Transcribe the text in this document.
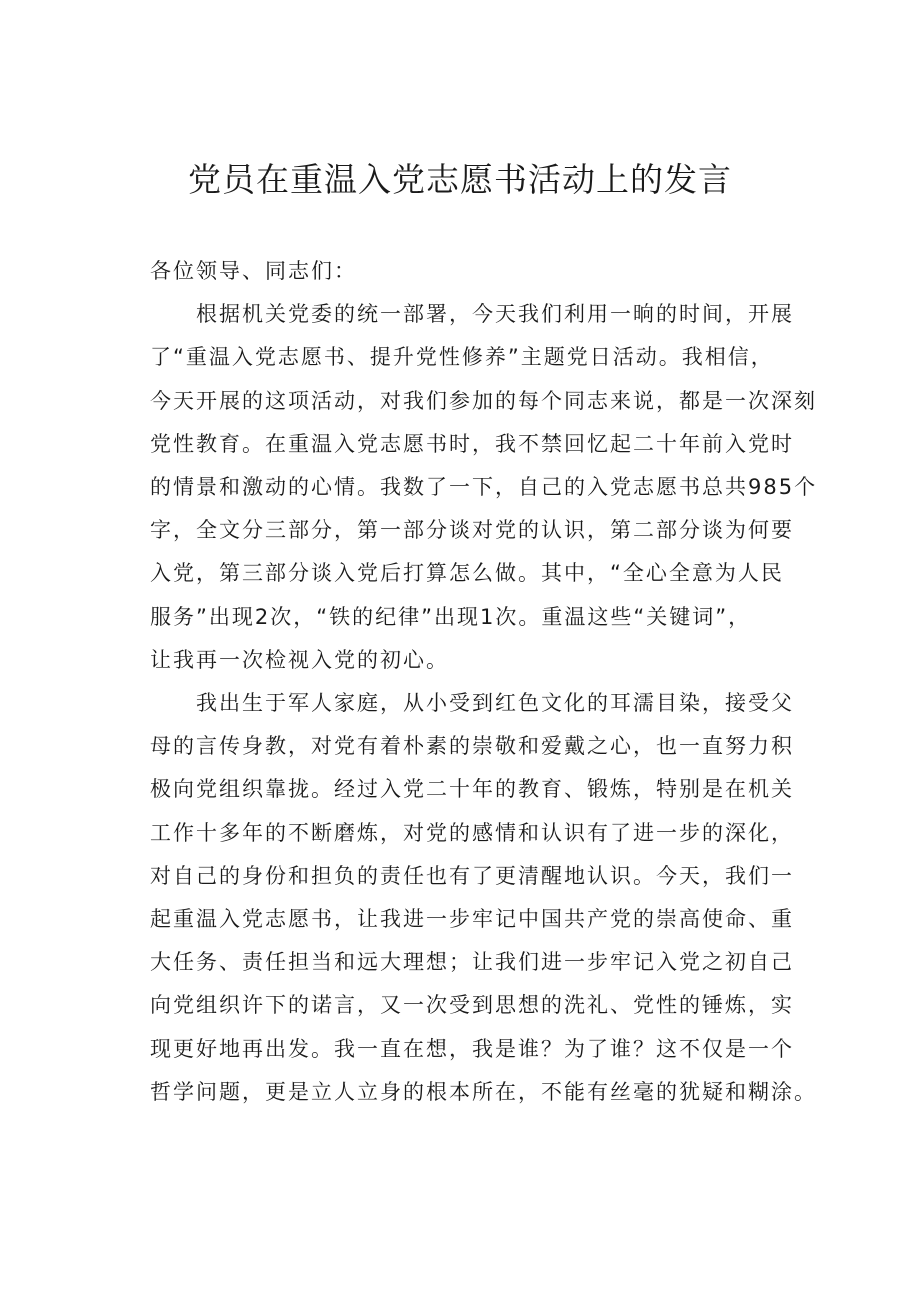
党员在重温入党志愿书活动上的发言

各位领导、同志们：

根据机关党委的统一部署，今天我们利用一晌的时间，开展
了“重温入党志愿书、提升党性修养”主题党日活动。我相信，
今天开展的这项活动，对我们参加的每个同志来说，都是一次深刻
党性教育。在重温入党志愿书时，我不禁回忆起二十年前入党时
的情景和激动的心情。我数了一下，自己的入党志愿书总共985个
字，全文分三部分，第一部分谈对党的认识，第二部分谈为何要
入党，第三部分谈入党后打算怎么做。其中，“全心全意为人民
服务”出现2次，“铁的纪律”出现1次。重温这些“关键词”，
让我再一次检视入党的初心。

我出生于军人家庭，从小受到红色文化的耳濡目染，接受父
母的言传身教，对党有着朴素的崇敬和爱戴之心，也一直努力积
极向党组织靠拢。经过入党二十年的教育、锻炼，特别是在机关
工作十多年的不断磨炼，对党的感情和认识有了进一步的深化，
对自己的身份和担负的责任也有了更清醒地认识。今天，我们一
起重温入党志愿书，让我进一步牢记中国共产党的崇高使命、重
大任务、责任担当和远大理想；让我们进一步牢记入党之初自己
向党组织许下的诺言，又一次受到思想的洗礼、党性的锤炼，实
现更好地再出发。我一直在想，我是谁？为了谁？这不仅是一个
哲学问题，更是立人立身的根本所在，不能有丝毫的犹疑和糊涂。
